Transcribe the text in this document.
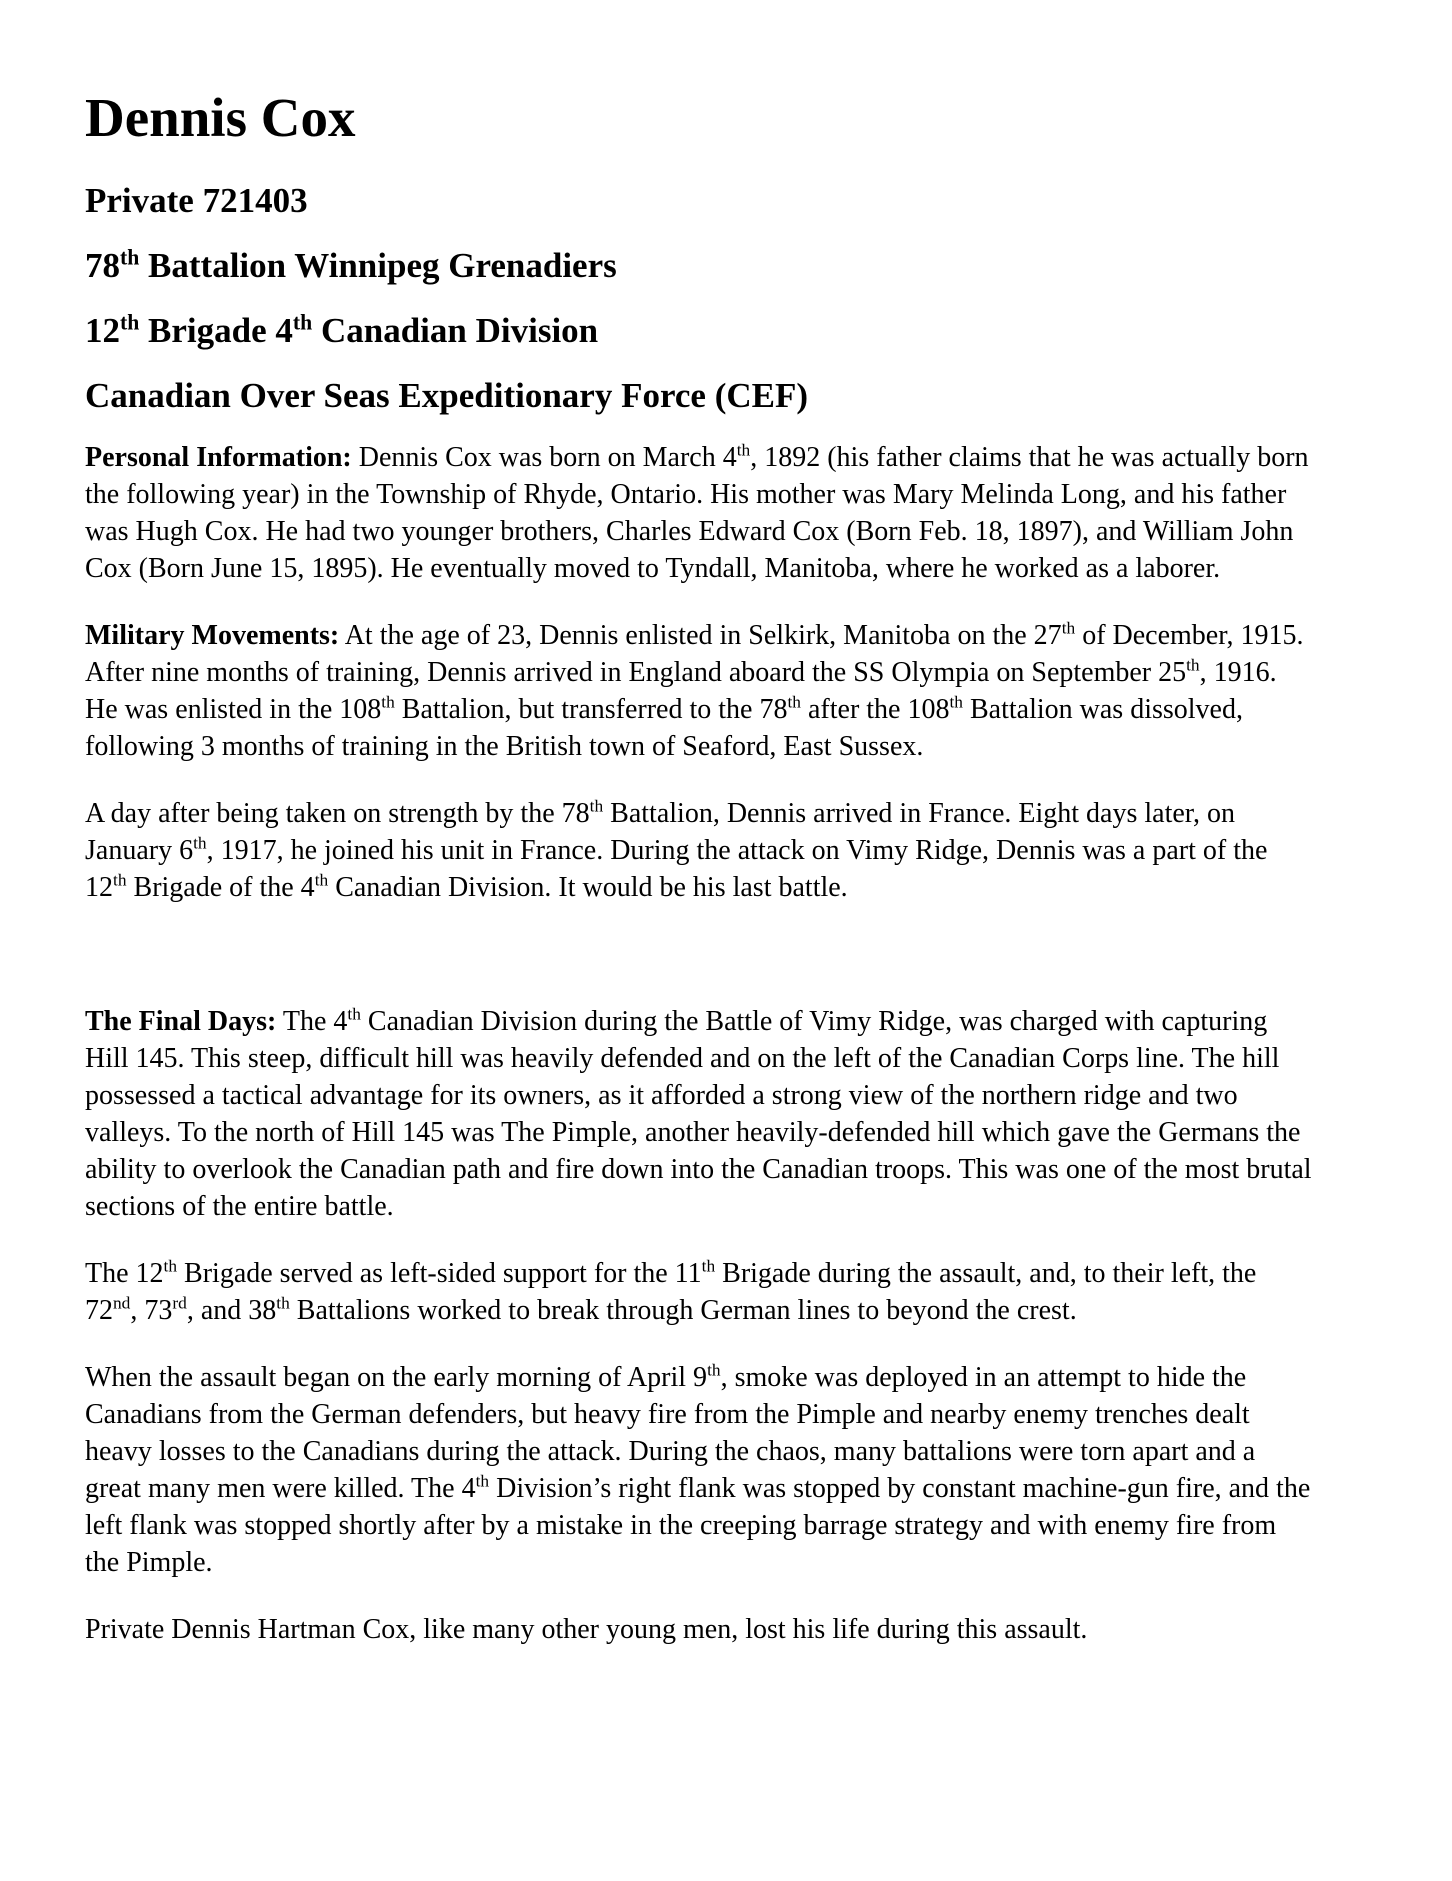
Dennis Cox
Private 721403
78th Battalion Winnipeg Grenadiers
12th Brigade 4th Canadian Division
Canadian Over Seas Expeditionary Force (CEF)

Personal Information: Dennis Cox was born on March 4th, 1892 (his father claims that he was actually born the following year) in the Township of Rhyde, Ontario. His mother was Mary Melinda Long, and his father was Hugh Cox. He had two younger brothers, Charles Edward Cox (Born Feb. 18, 1897), and William John Cox (Born June 15, 1895). He eventually moved to Tyndall, Manitoba, where he worked as a laborer.

Military Movements: At the age of 23, Dennis enlisted in Selkirk, Manitoba on the 27th of December, 1915. After nine months of training, Dennis arrived in England aboard the SS Olympia on September 25th, 1916. He was enlisted in the 108th Battalion, but transferred to the 78th after the 108th Battalion was dissolved, following 3 months of training in the British town of Seaford, East Sussex.

A day after being taken on strength by the 78th Battalion, Dennis arrived in France. Eight days later, on January 6th, 1917, he joined his unit in France. During the attack on Vimy Ridge, Dennis was a part of the 12th Brigade of the 4th Canadian Division. It would be his last battle.

The Final Days: The 4th Canadian Division during the Battle of Vimy Ridge, was charged with capturing Hill 145. This steep, difficult hill was heavily defended and on the left of the Canadian Corps line. The hill possessed a tactical advantage for its owners, as it afforded a strong view of the northern ridge and two valleys. To the north of Hill 145 was The Pimple, another heavily-defended hill which gave the Germans the ability to overlook the Canadian path and fire down into the Canadian troops. This was one of the most brutal sections of the entire battle.

The 12th Brigade served as left-sided support for the 11th Brigade during the assault, and, to their left, the 72nd, 73rd, and 38th Battalions worked to break through German lines to beyond the crest.

When the assault began on the early morning of April 9th, smoke was deployed in an attempt to hide the Canadians from the German defenders, but heavy fire from the Pimple and nearby enemy trenches dealt heavy losses to the Canadians during the attack. During the chaos, many battalions were torn apart and a great many men were killed. The 4th Division’s right flank was stopped by constant machine-gun fire, and the left flank was stopped shortly after by a mistake in the creeping barrage strategy and with enemy fire from the Pimple.

Private Dennis Hartman Cox, like many other young men, lost his life during this assault.
